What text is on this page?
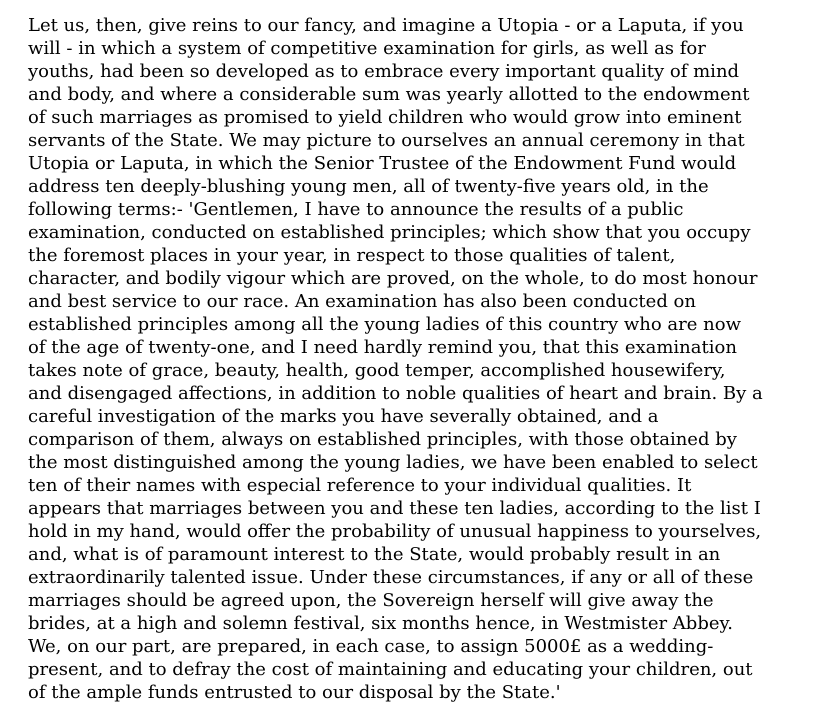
Let us, then, give reins to our fancy, and imagine a Utopia - or a Laputa, if you
will - in which a system of competitive examination for girls, as well as for
youths, had been so developed as to embrace every important quality of mind
and body, and where a considerable sum was yearly allotted to the endowment
of such marriages as promised to yield children who would grow into eminent
servants of the State. We may picture to ourselves an annual ceremony in that
Utopia or Laputa, in which the Senior Trustee of the Endowment Fund would
address ten deeply-blushing young men, all of twenty-five years old, in the
following terms:- 'Gentlemen, I have to announce the results of a public
examination, conducted on established principles; which show that you occupy
the foremost places in your year, in respect to those qualities of talent,
character, and bodily vigour which are proved, on the whole, to do most honour
and best service to our race. An examination has also been conducted on
established principles among all the young ladies of this country who are now
of the age of twenty-one, and I need hardly remind you, that this examination
takes note of grace, beauty, health, good temper, accomplished housewifery,
and disengaged affections, in addition to noble qualities of heart and brain. By a
careful investigation of the marks you have severally obtained, and a
comparison of them, always on established principles, with those obtained by
the most distinguished among the young ladies, we have been enabled to select
ten of their names with especial reference to your individual qualities. It
appears that marriages between you and these ten ladies, according to the list I
hold in my hand, would offer the probability of unusual happiness to yourselves,
and, what is of paramount interest to the State, would probably result in an
extraordinarily talented issue. Under these circumstances, if any or all of these
marriages should be agreed upon, the Sovereign herself will give away the
brides, at a high and solemn festival, six months hence, in Westmister Abbey.
We, on our part, are prepared, in each case, to assign 5000£ as a wedding-
present, and to defray the cost of maintaining and educating your children, out
of the ample funds entrusted to our disposal by the State.'
